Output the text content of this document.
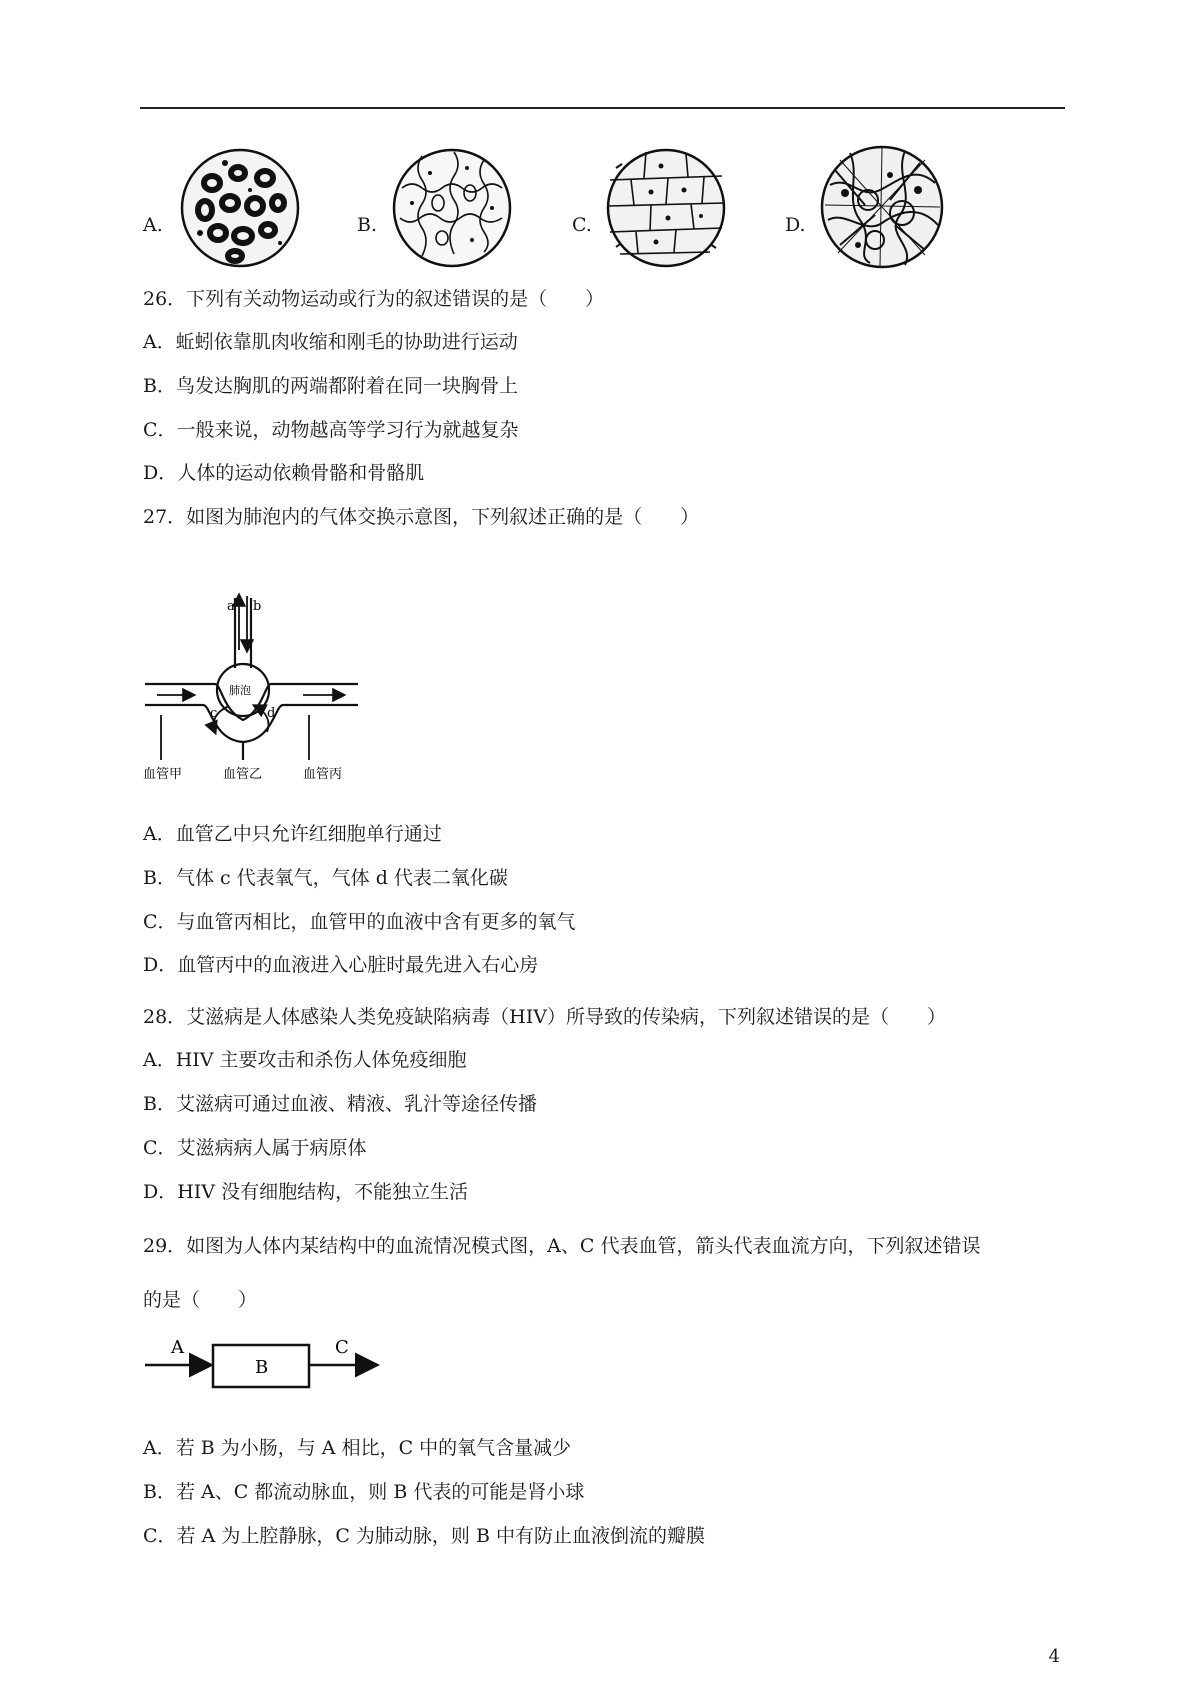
A.	B.	C.	D.
26．下列有关动物运动或行为的叙述错误的是（　　）
A．蚯蚓依靠肌肉收缩和刚毛的协助进行运动
B．鸟发达胸肌的两端都附着在同一块胸骨上
C．一般来说，动物越高等学习行为就越复杂
D．人体的运动依赖骨骼和骨骼肌
27．如图为肺泡内的气体交换示意图，下列叙述正确的是（　　）
a b
肺泡
c	d
血管甲	血管乙	血管丙
A．血管乙中只允许红细胞单行通过
B．气体 c 代表氧气，气体 d 代表二氧化碳
C．与血管丙相比，血管甲的血液中含有更多的氧气
D．血管丙中的血液进入心脏时最先进入右心房
28．艾滋病是人体感染人类免疫缺陷病毒（HIV）所导致的传染病，下列叙述错误的是（　　）
A．HIV 主要攻击和杀伤人体免疫细胞
B．艾滋病可通过血液、精液、乳汁等途径传播
C．艾滋病病人属于病原体
D．HIV 没有细胞结构，不能独立生活
29．如图为人体内某结构中的血流情况模式图，A、C 代表血管，箭头代表血流方向，下列叙述错误
的是（　　）
A
B
C
A．若 B 为小肠，与 A 相比，C 中的氧气含量减少
B．若 A、C 都流动脉血，则 B 代表的可能是肾小球
C．若 A 为上腔静脉，C 为肺动脉，则 B 中有防止血液倒流的瓣膜
4
